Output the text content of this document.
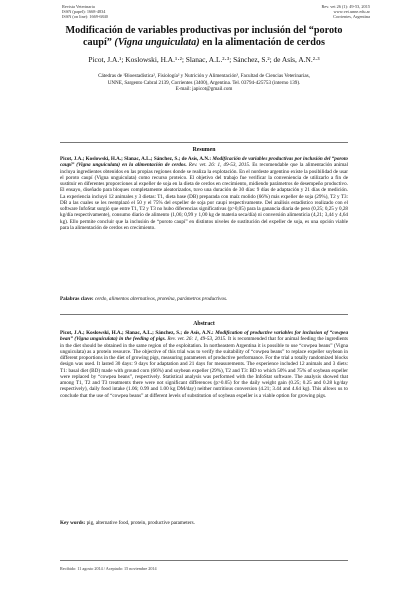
Revista Veterinaria
ISSN (papel): 1668-4834
ISSN (on line): 1669-6840
Rev. vet 26 (1): 49-53, 2015
www.vet.unne.edu.ar
Corrientes, Argentina
Modificación de variables productivas por inclusión del “poroto
caupí” (Vigna unguiculata) en la alimentación de cerdos
Picot, J.A.¹; Koslowski, H.A.¹·²; Slanac, A.L.²·³; Sánchez, S.²; de Asís, A.N.²·³
Cátedras de ¹Bioestadística², Fisiología² y Nutrición y Alimentación³, Facultad de Ciencias Veterinarias,
UNNE, Sargento Cabral 2139, Corrientes (3400), Argentina. Tel. 03794-425753 (interno 139).
E-mail: japicot@gmail.com
Resumen
Picot, J.A.; Koslowski, H.A.; Slanac, A.L.; Sánchez, S.; de Asís, A.N.: Modificación de variables productivas por inclusión del “poroto caupí” (Vigna unguiculata) en la alimentación de cerdos. Rev. vet. 26: 1, 49-53, 2015. Es recomendable que la alimentación animal incluya ingredientes obtenidos en las propias regiones donde se realiza la explotación. En el nordeste argentino existe la posibilidad de usar el poroto caupí (Vigna unguiculata) como recurso proteico. El objetivo del trabajo fue verificar la conveniencia de utilizarlo a fin de sustituir en diferentes proporciones al expeller de soja en la dieta de cerdos en crecimiento, midiendo parámetros de desempeño productivo. El ensayo, diseñado para bloques completamente aleatorizados, tuvo una duración de 30 días: 9 días de adaptación y 21 días de medición. La experiencia incluyó 12 animales y 3 dietas: T1, dieta base (DB) preparada con maíz molido (66%) más expeller de soja (29%), T2 y T3: DB a las cuales se les reemplazó el 50 y el 75% del expeller de soja por caupí respectivamente. Del análisis estadístico realizado con el software InfoStat surgió que entre T1, T2 y T3 no hubo diferencias significativas (p>0,05) para la ganancia diaria de peso (0,25; 0,25 y 0,28 kg/día respectivamente), consumo diario de alimento (1,06; 0,99 y 1,00 kg de materia seca/día) ni conversión alimenticia (4,21; 3,44 y 4,64 kg). Ello permite concluir que la inclusión de “poroto caupí” en distintos niveles de sustitución del expeller de soja, es una opción viable para la alimentación de cerdos en crecimiento.
Palabras clave: cerdo, alimentos alternativos, proteína, parámetros productivos.
Abstract
Picot, J.A.; Koslowski, H.A.; Slanac, A.L.; Sánchez, S.; de Asís, A.N.: Modification of productive variables for inclusion of “cowpea bean” (Vigna unguiculata) in the feeding of pigs. Rev. vet. 26: 1, 49-53, 2015. It is recommended that for animal feeding the ingredients in the diet should be obtained in the same region of the exploitation. In northeastern Argentina it is possible to use “cowpea beans” (Vigna unguiculata) as a protein resource. The objective of this trial was to verify the suitability of “cowpea beans” to replace expeller soybean in different proportions in the diet of growing pigs, measuring parameters of productive performance. For the trial a totally randomized blocks design was used. It lasted 30 days: 9 days for adaptation and 21 days for measurements. The experience included 12 animals and 3 diets: T1: basal diet (BD) made with ground corn (66%) and soybean expeller (29%), T2 and T3: BD to which 50% and 75% of soybean expeller were replaced by “cowpea beans”, respectively. Statistical analysis was performed with the InfoStat software. The analysis showed that among T1, T2 and T3 treatments there were not significant differences (p>0.05) for the daily weight gain (0.25; 0.25 and 0.28 kg/day respectively), daily food intake (1.06; 0.99 and 1.00 kg DM/day) neither nutritious conversion (4.21; 3.44 and 4.64 kg). This allows us to conclude that the use of “cowpea beans” at different levels of substitution of soybean expeller is a viable option for growing pigs.
Key words: pig, alternative food, protein, productive parameters.
Recibido: 11 agosto 2014 / Aceptado: 15 noviembre 2014
